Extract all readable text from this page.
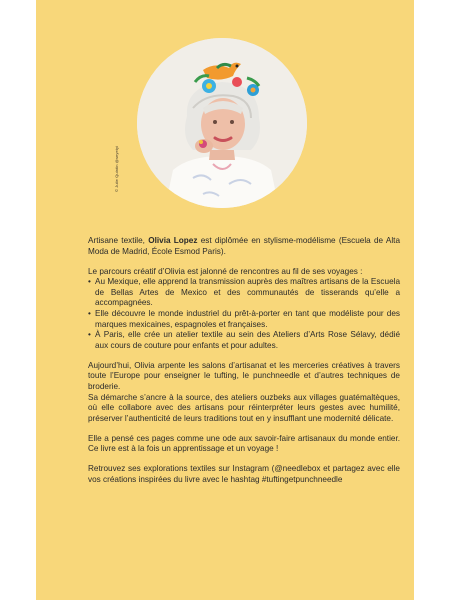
© Julie Quintin @seyetyi

Artisane textile, Olivia Lopez est diplômée en stylisme-modélisme (Escuela de Alta Moda de Madrid, École Esmod Paris).

Le parcours créatif d’Olivia est jalonné de rencontres au fil de ses voyages :

• Au Mexique, elle apprend la transmission auprès des maîtres artisans de la Escuela de Bellas Artes de Mexico et des communautés de tisserands qu’elle a accompagnées.
• Elle découvre le monde industriel du prêt-à-porter en tant que modéliste pour des marques mexicaines, espagnoles et françaises.
• À Paris, elle crée un atelier textile au sein des Ateliers d’Arts Rose Sélavy, dédié aux cours de couture pour enfants et pour adultes.

Aujourd’hui, Olivia arpente les salons d’artisanat et les merceries créatives à travers toute l’Europe pour enseigner le tufting, le punchneedle et d’autres techniques de broderie.

Sa démarche s’ancre à la source, des ateliers ouzbeks aux villages guatémaltèques, où elle collabore avec des artisans pour réinterpréter leurs gestes avec humilité, préserver l’authenticité de leurs traditions tout en y insufflant une modernité délicate.

Elle a pensé ces pages comme une ode aux savoir-faire artisanaux du monde entier. Ce livre est à la fois un apprentissage et un voyage !

Retrouvez ses explorations textiles sur Instagram (@needlebox et partagez avec elle vos créations inspirées du livre avec le hashtag #tuftingetpunchneedle
